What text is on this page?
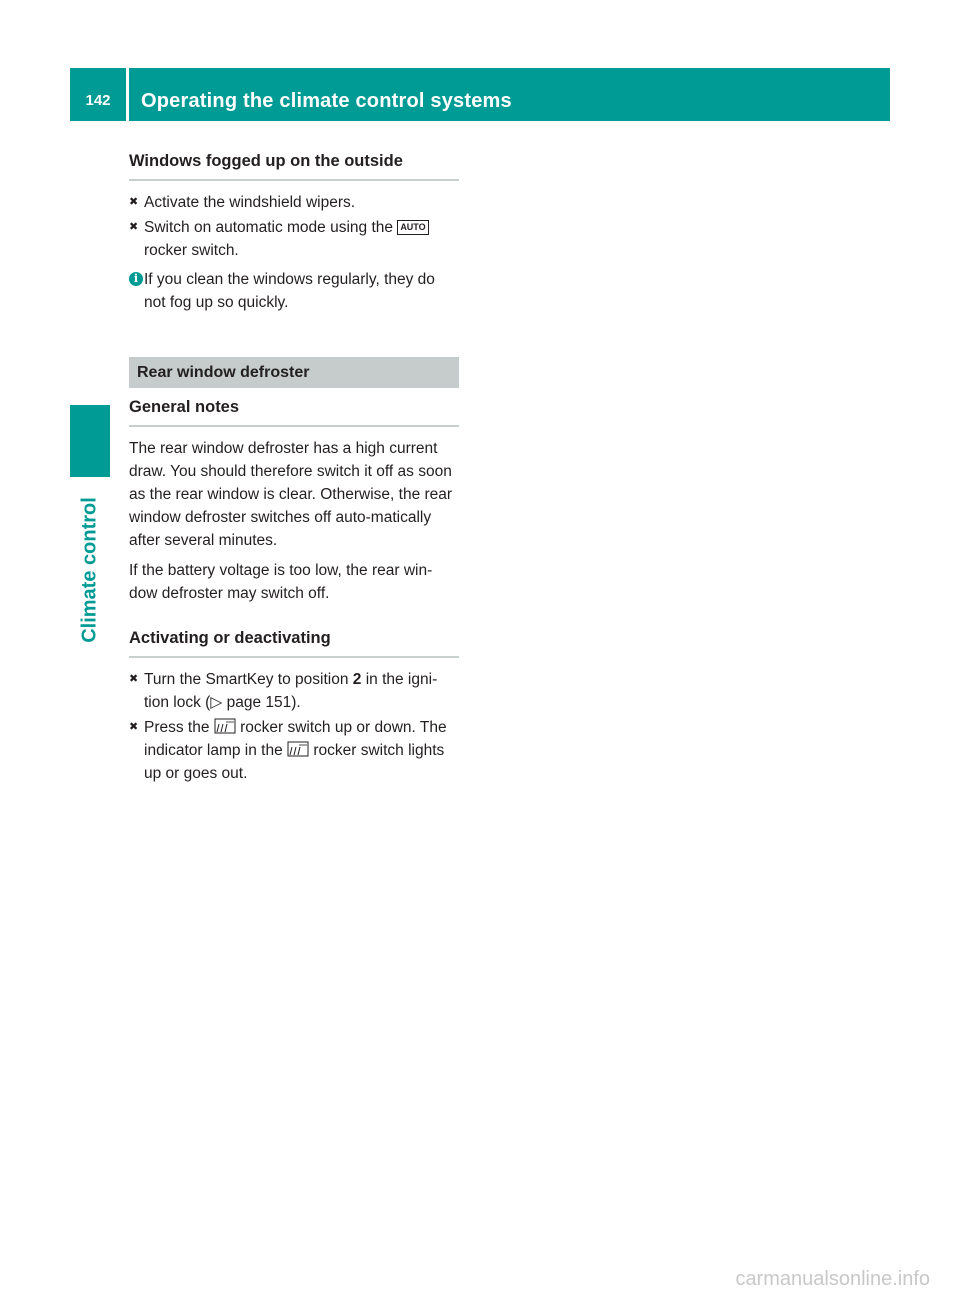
142	Operating the climate control systems
Climate control
Windows fogged up on the outside
✖ Activate the windshield wipers.
✖ Switch on automatic mode using the AUTO
rocker switch.
i If you clean the windows regularly, they do not fog up so quickly.
Rear window defroster
General notes

The rear window defroster has a high current draw. You should therefore switch it off as soon as the rear window is clear. Otherwise, the rear window defroster switches off auto-matically after several minutes.

If the battery voltage is too low, the rear win-dow defroster may switch off.

Activating or deactivating
✖ Turn the SmartKey to position 2 in the igni-tion lock (▷ page 151).
✖ Press the  rocker switch up or down. The indicator lamp in the  rocker switch lights up or goes out.
carmanualsonline.info
